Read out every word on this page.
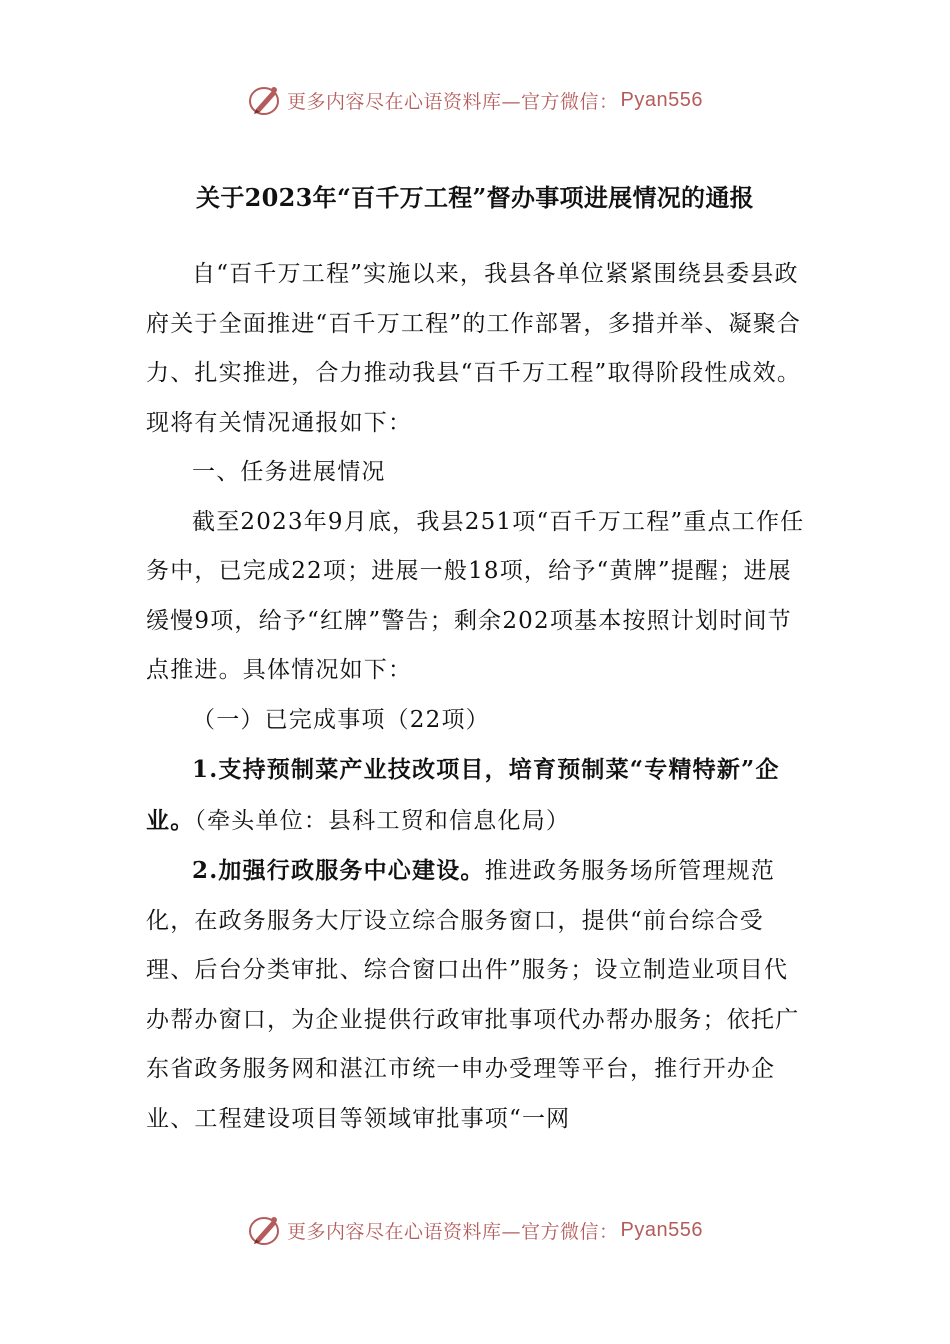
更多内容尽在心语资料库—官方微信： Pyan556
关于2023年“百千万工程”督办事项进展情况的通报

自“百千万工程”实施以来，我县各单位紧紧围绕县委县政府关于全面推进“百千万工程”的工作部署，多措并举、凝聚合力、扎实推进，合力推动我县“百千万工程”取得阶段性成效。现将有关情况通报如下：

一、任务进展情况

截至2023年9月底，我县251项“百千万工程”重点工作任务中，已完成22项；进展一般18项，给予“黄牌”提醒；进展缓慢9项，给予“红牌”警告；剩余202项基本按照计划时间节点推进。具体情况如下：

（一）已完成事项（22项）

1.支持预制菜产业技改项目，培育预制菜“专精特新”企业。（牵头单位：县科工贸和信息化局）

2.加强行政服务中心建设。推进政务服务场所管理规范化，在政务服务大厅设立综合服务窗口，提供“前台综合受理、后台分类审批、综合窗口出件”服务；设立制造业项目代办帮办窗口，为企业提供行政审批事项代办帮办服务；依托广东省政务服务网和湛江市统一申办受理等平台，推行开办企业、工程建设项目等领域审批事项“一网

更多内容尽在心语资料库—官方微信： Pyan556
